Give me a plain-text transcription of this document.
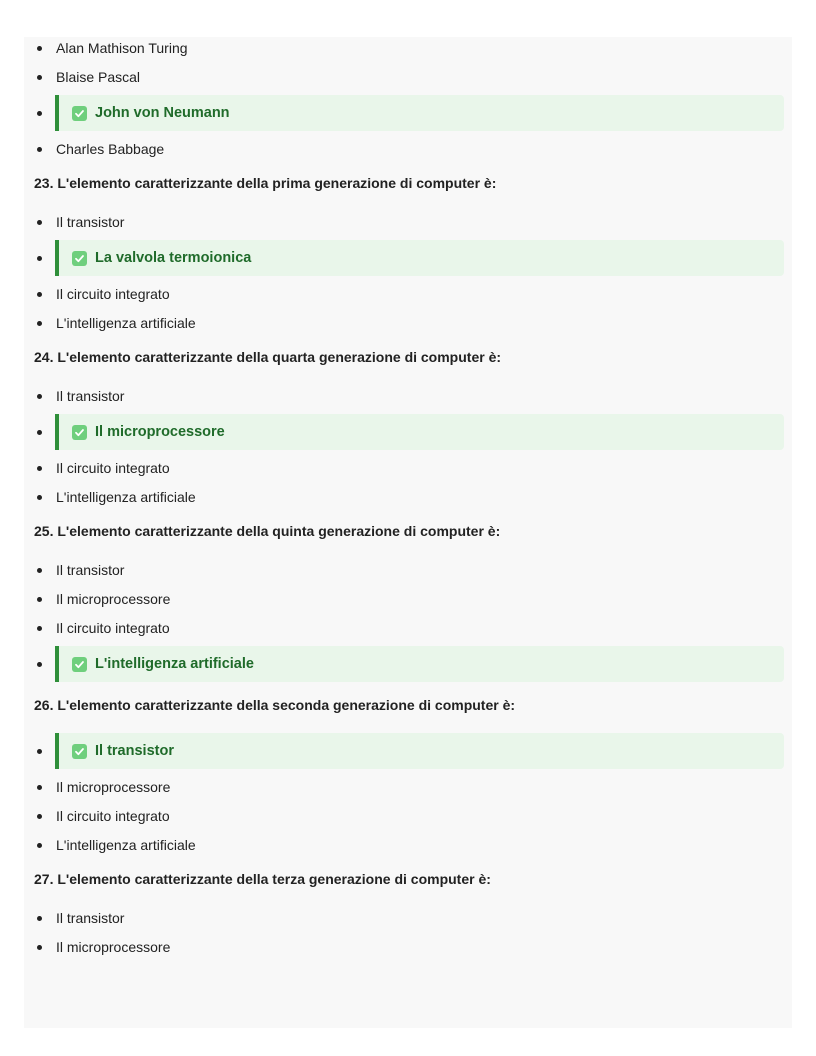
Alan Mathison Turing
Blaise Pascal
John von Neumann
Charles Babbage
23. L'elemento caratterizzante della prima generazione di computer è:
Il transistor
La valvola termoionica
Il circuito integrato
L'intelligenza artificiale
24. L'elemento caratterizzante della quarta generazione di computer è:
Il transistor
Il microprocessore
Il circuito integrato
L'intelligenza artificiale
25. L'elemento caratterizzante della quinta generazione di computer è:
Il transistor
Il microprocessore
Il circuito integrato
L'intelligenza artificiale
26. L'elemento caratterizzante della seconda generazione di computer è:
Il transistor
Il microprocessore
Il circuito integrato
L'intelligenza artificiale
27. L'elemento caratterizzante della terza generazione di computer è:
Il transistor
Il microprocessore
